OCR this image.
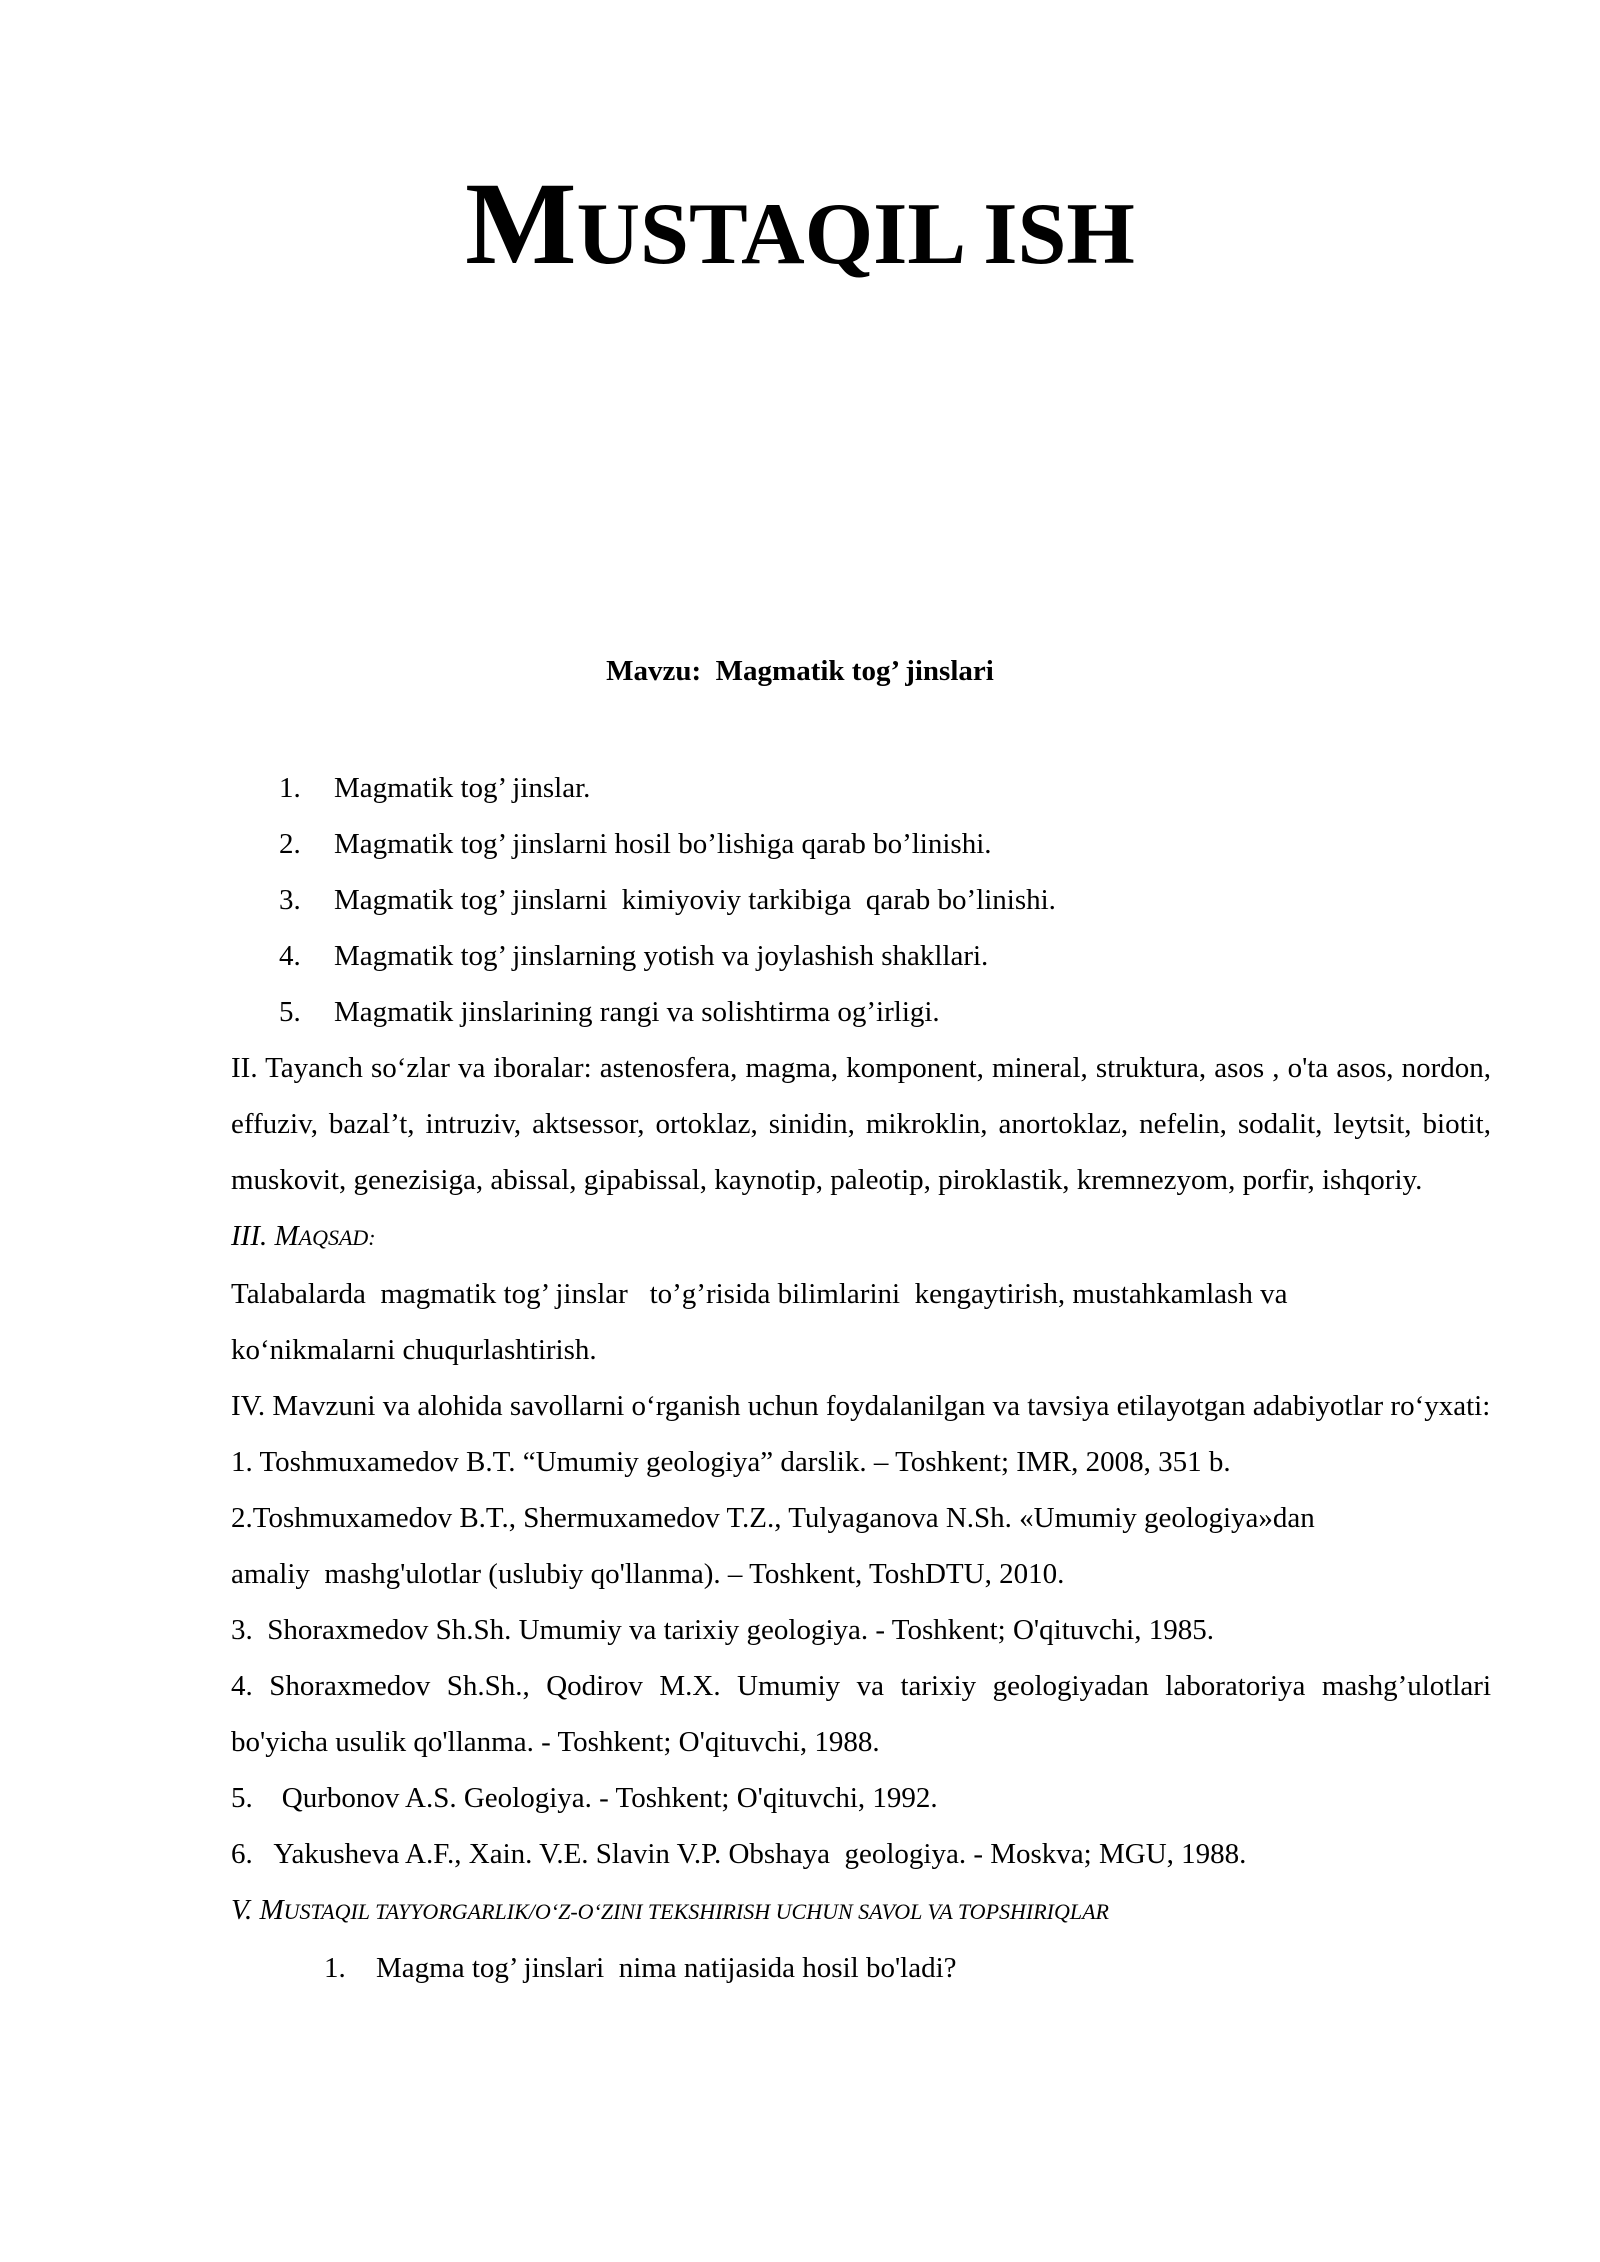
MUSTAQIL ISH
Mavzu:  Magmatik tog’ jinslari
1. Magmatik tog’ jinslar.
2. Magmatik tog’ jinslarni hosil bo’lishiga qarab bo’linishi.
3. Magmatik tog’ jinslarni  kimiyoviy tarkibiga  qarab bo’linishi.
4. Magmatik tog’ jinslarning yotish va joylashish shakllari.
5. Magmatik jinslarining rangi va solishtirma og’irligi.

II. Tayanch so‘zlar va iboralar: astenosfera, magma, komponent, mineral, struktura, asos , o'ta asos, nordon, effuziv, bazal’t, intruziv, aktsessor, ortoklaz, sinidin, mikroklin, anortoklaz, nefelin, sodalit, leytsit, biotit, muskovit, genezisiga, abissal, gipabissal, kaynotip, paleotip, piroklastik, kremnezyom, porfir, ishqoriy.

III. MAQSAD:

Talabalarda  magmatik tog’ jinslar   to’g’risida bilimlarini  kengaytirish, mustahkamlash va

ko‘nikmalarni chuqurlashtirish.

IV. Mavzuni va alohida savollarni o‘rganish uchun foydalanilgan va tavsiya etilayotgan adabiyotlar ro‘yxati:

1. Toshmuxamedov B.T. “Umumiy geologiya” darslik. – Toshkent; IMR, 2008, 351 b.

2.Toshmuxamedov B.T., Shermuxamedov T.Z., Tulyaganova N.Sh. «Umumiy geologiya»dan

amaliy  mashg'ulotlar (uslubiy qo'llanma). – Toshkent, ToshDTU, 2010.

3.  Shoraxmedov Sh.Sh. Umumiy va tarixiy geologiya. - Toshkent; O'qituvchi, 1985.

4. Shoraxmedov Sh.Sh., Qodirov M.X. Umumiy va tarixiy geologiyadan laboratoriya mashg’ulotlari   bo'yicha usulik qo'llanma. - Toshkent; O'qituvchi, 1988.

5.    Qurbonov A.S. Geologiya. - Toshkent; O'qituvchi, 1992.

6.   Yakusheva A.F., Xain. V.E. Slavin V.P. Obshaya  geologiya. - Moskva; MGU, 1988.

V. MUSTAQIL TAYYORGARLIK/O‘Z-O‘ZINI TEKSHIRISH UCHUN SAVOL VA TOPSHIRIQLAR

1. Magma tog’ jinslari  nima natijasida hosil bo'ladi?
